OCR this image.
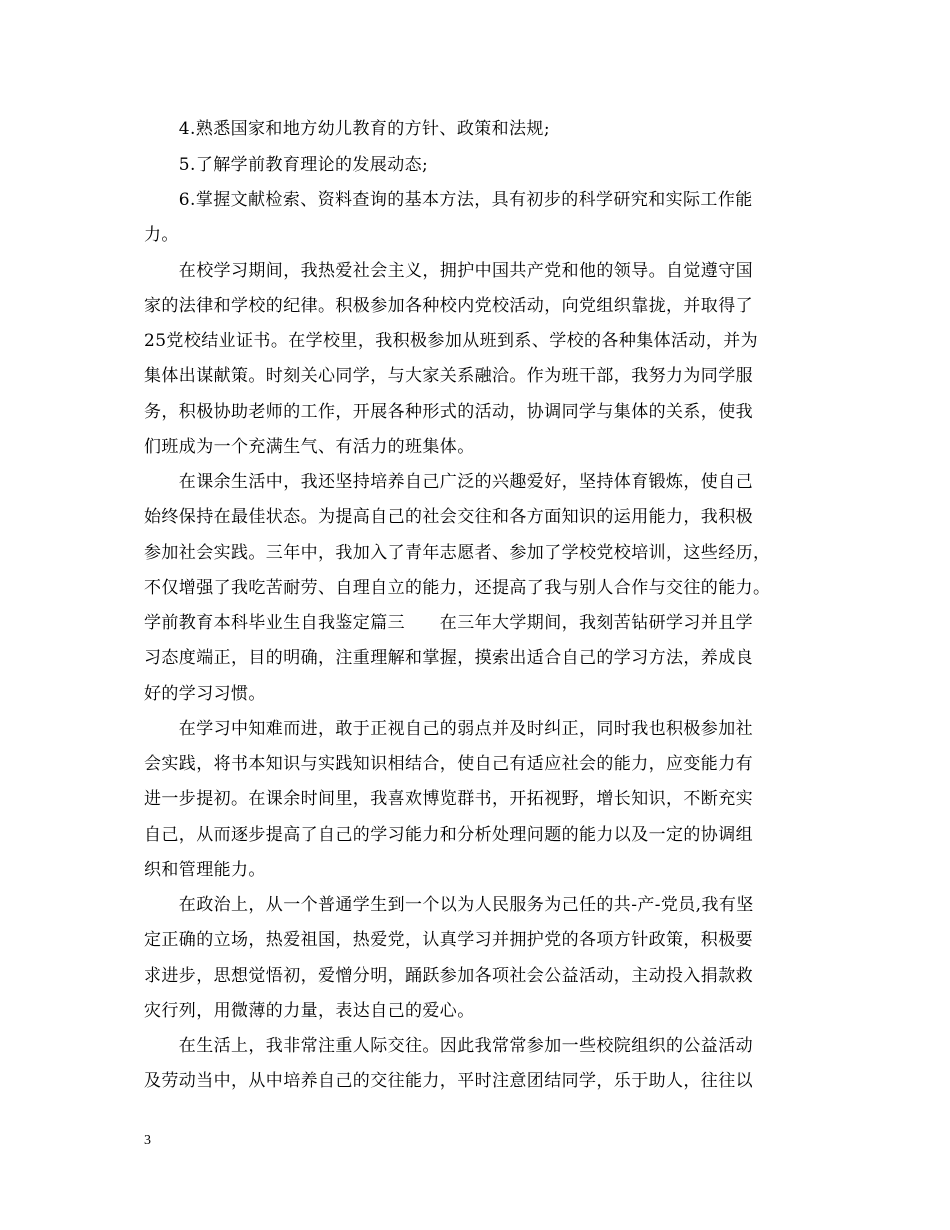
　　4.熟悉国家和地方幼儿教育的方针、政策和法规;
　　5.了解学前教育理论的发展动态;
　　6.掌握文献检索、资料查询的基本方法，具有初步的科学研究和实际工作能
力。
　　在校学习期间，我热爱社会主义，拥护中国共产党和他的领导。自觉遵守国
家的法律和学校的纪律。积极参加各种校内党校活动，向党组织靠拢，并取得了
25党校结业证书。在学校里，我积极参加从班到系、学校的各种集体活动，并为
集体出谋献策。时刻关心同学，与大家关系融洽。作为班干部，我努力为同学服
务，积极协助老师的工作，开展各种形式的活动，协调同学与集体的关系，使我
们班成为一个充满生气、有活力的班集体。
　　在课余生活中，我还坚持培养自己广泛的兴趣爱好，坚持体育锻炼，使自己
始终保持在最佳状态。为提高自己的社会交往和各方面知识的运用能力，我积极
参加社会实践。三年中，我加入了青年志愿者、参加了学校党校培训，这些经历，
不仅增强了我吃苦耐劳、自理自立的能力，还提高了我与别人合作与交往的能力。
学前教育本科毕业生自我鉴定篇三　　在三年大学期间，我刻苦钻研学习并且学
习态度端正，目的明确，注重理解和掌握，摸索出适合自己的学习方法，养成良
好的学习习惯。
　　在学习中知难而进，敢于正视自己的弱点并及时纠正，同时我也积极参加社
会实践，将书本知识与实践知识相结合，使自己有适应社会的能力，应变能力有
进一步提初。在课余时间里，我喜欢博览群书，开拓视野，增长知识，不断充实
自己，从而逐步提高了自己的学习能力和分析处理问题的能力以及一定的协调组
织和管理能力。
　　在政治上，从一个普通学生到一个以为人民服务为己任的共-产-党员,我有坚
定正确的立场，热爱祖国，热爱党，认真学习并拥护党的各项方针政策，积极要
求进步，思想觉悟初，爱憎分明，踊跃参加各项社会公益活动，主动投入捐款救
灾行列，用微薄的力量，表达自己的爱心。
　　在生活上，我非常注重人际交往。因此我常常参加一些校院组织的公益活动
及劳动当中，从中培养自己的交往能力，平时注意团结同学，乐于助人，往往以
3
